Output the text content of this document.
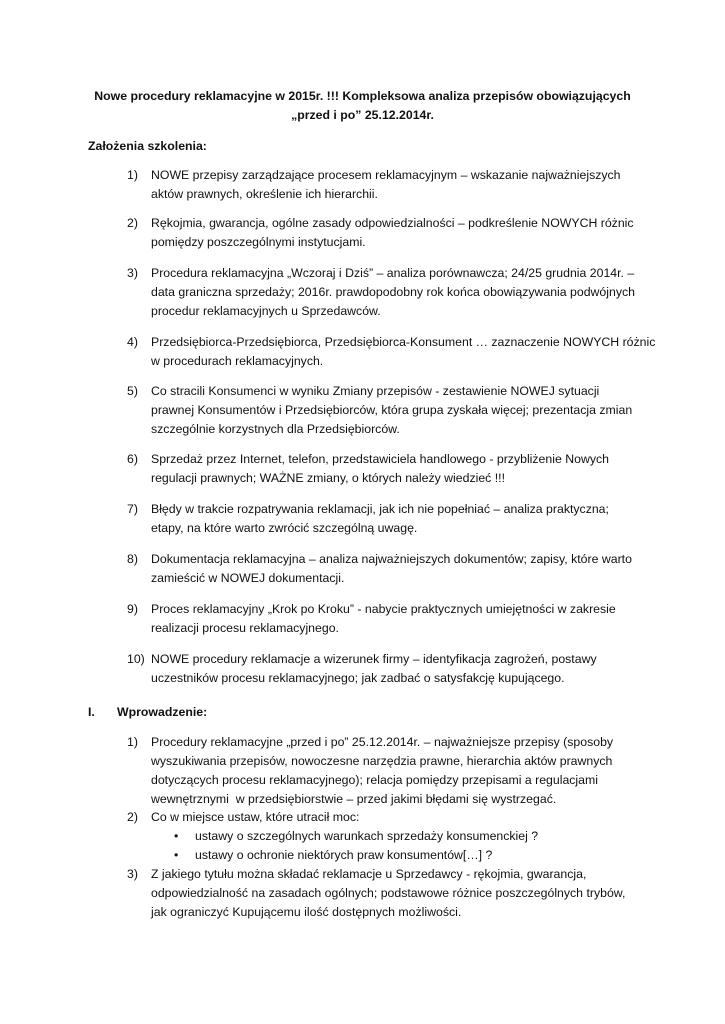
Nowe procedury reklamacyjne w 2015r. !!! Kompleksowa analiza przepisów obowiązujących
„przed i po” 25.12.2014r.
Założenia szkolenia:
1) NOWE przepisy zarządzające procesem reklamacyjnym – wskazanie najważniejszych
aktów prawnych, określenie ich hierarchii.
2) Rękojmia, gwarancja, ogólne zasady odpowiedzialności – podkreślenie NOWYCH różnic
pomiędzy poszczególnymi instytucjami.
3) Procedura reklamacyjna „Wczoraj i Dziś” – analiza porównawcza; 24/25 grudnia 2014r. –
data graniczna sprzedaży; 2016r. prawdopodobny rok końca obowiązywania podwójnych
procedur reklamacyjnych u Sprzedawców.
4) Przedsiębiorca-Przedsiębiorca, Przedsiębiorca-Konsument … zaznaczenie NOWYCH różnic
w procedurach reklamacyjnych.
5) Co stracili Konsumenci w wyniku Zmiany przepisów - zestawienie NOWEJ sytuacji
prawnej Konsumentów i Przedsiębiorców, która grupa zyskała więcej; prezentacja zmian
szczególnie korzystnych dla Przedsiębiorców.
6) Sprzedaż przez Internet, telefon, przedstawiciela handlowego - przybliżenie Nowych
regulacji prawnych; WAŻNE zmiany, o których należy wiedzieć !!!
7) Błędy w trakcie rozpatrywania reklamacji, jak ich nie popełniać – analiza praktyczna;
etapy, na które warto zwrócić szczególną uwagę.
8) Dokumentacja reklamacyjna – analiza najważniejszych dokumentów; zapisy, które warto
zamieścić w NOWEJ dokumentacji.
9) Proces reklamacyjny „Krok po Kroku” - nabycie praktycznych umiejętności w zakresie
realizacji procesu reklamacyjnego.
10) NOWE procedury reklamacje a wizerunek firmy – identyfikacja zagrożeń, postawy
uczestników procesu reklamacyjnego; jak zadbać o satysfakcję kupującego.
I. Wprowadzenie:
1) Procedury reklamacyjne „przed i po” 25.12.2014r. – najważniejsze przepisy (sposoby
wyszukiwania przepisów, nowoczesne narzędzia prawne, hierarchia aktów prawnych
dotyczących procesu reklamacyjnego); relacja pomiędzy przepisami a regulacjami
wewnętrznymi  w przedsiębiorstwie – przed jakimi błędami się wystrzegać.
2) Co w miejsce ustaw, które utracił moc:
• ustawy o szczególnych warunkach sprzedaży konsumenckiej ?
• ustawy o ochronie niektórych praw konsumentów[…] ?
3) Z jakiego tytułu można składać reklamacje u Sprzedawcy - rękojmia, gwarancja,
odpowiedzialność na zasadach ogólnych; podstawowe różnice poszczególnych trybów,
jak ograniczyć Kupującemu ilość dostępnych możliwości.
